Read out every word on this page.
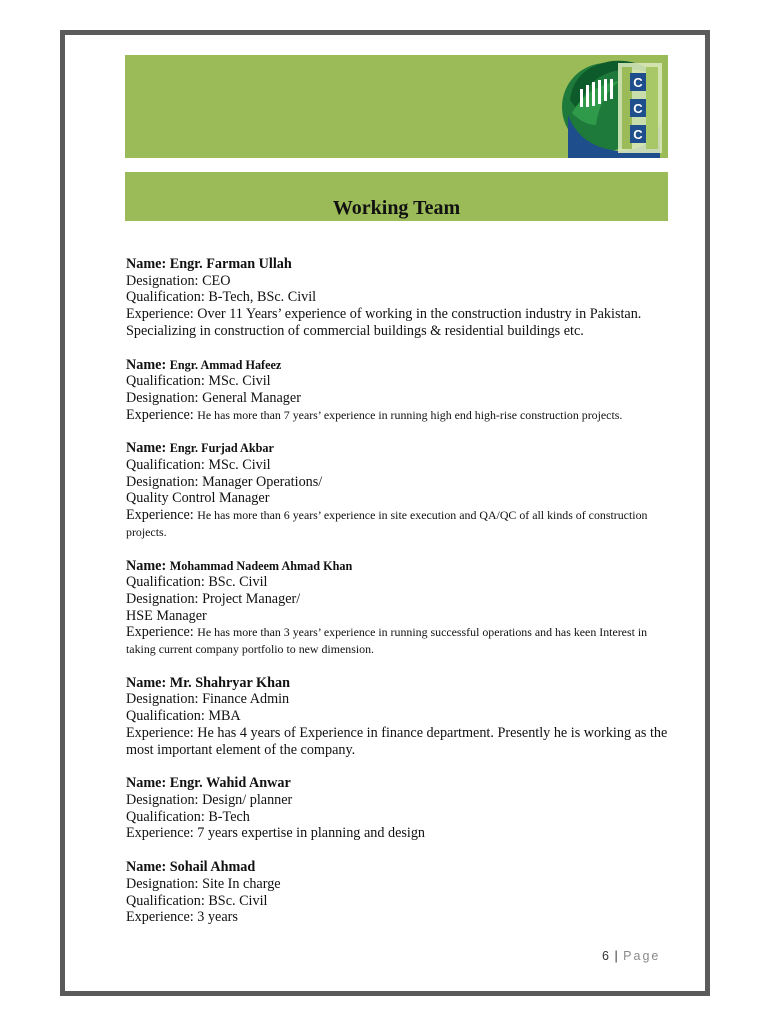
C
C
C
Working Team
Name: Engr. Farman Ullah
Designation: CEO
Qualification: B-Tech, BSc. Civil
Experience: Over 11 Years’ experience of working in the construction industry in Pakistan. Specializing in construction of commercial buildings & residential buildings etc.
Name: Engr. Ammad Hafeez
Qualification: MSc. Civil
Designation: General Manager
Experience: He has more than 7 years’ experience in running high end high-rise construction projects.
Name: Engr. Furjad Akbar
Qualification: MSc. Civil
Designation: Manager Operations/
Quality Control Manager
Experience: He has more than 6 years’ experience in site execution and QA/QC of all kinds of construction projects.
Name: Mohammad Nadeem Ahmad Khan
Qualification: BSc. Civil
Designation: Project Manager/
HSE Manager
Experience: He has more than 3 years’ experience in running successful operations and has keen Interest in taking current company portfolio to new dimension.
Name: Mr. Shahryar Khan
Designation: Finance Admin
Qualification: MBA
Experience: He has 4 years of Experience in finance department. Presently he is working as the most important element of the company.
Name: Engr. Wahid Anwar
Designation: Design/ planner
Qualification: B-Tech
Experience: 7 years expertise in planning and design
Name: Sohail Ahmad
Designation: Site In charge
Qualification: BSc. Civil
Experience: 3 years
6 | Page
